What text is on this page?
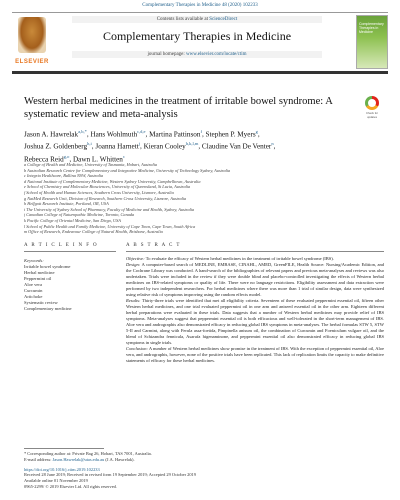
Complementary Therapies in Medicine 48 (2020) 102233
ELSEVIER
Contents lists available at ScienceDirect
Complementary Therapies in Medicine
journal homepage: www.elsevier.com/locate/ctim
Complementary Therapies in Medicine
Western herbal medicines in the treatment of irritable bowel syndrome: A
systematic review and meta-analysis	Check for updates
Jason A. Hawrelak$^{a,b,*}$, Hans Wohlmuth$^{c,d,e}$, Martina Pattinson$^f$, Stephen P. Myers$^g$,
Joshua Z. Goldenberg$^{h,i}$, Joanna Harnett$^j$, Kieran Cooley$^{h,k,l,m}$, Claudine Van De Venter$^n$,
Rebecca Reid$^{g,o}$, Dawn L. Whitten$^c$
a College of Health and Medicine, University of Tasmania, Hobart, Australia
b Australian Research Centre for Complementary and Integrative Medicine, University of Technology Sydney, Australia
c Integria Healthcare, Ballina NSW, Australia
d National Institute of Complementary Medicine, Western Sydney University, Campbelltown, Australia
e School of Chemistry and Molecular Biosciences, University of Queensland, St Lucia, Australia
f School of Health and Human Sciences, Southern Cross University, Lismore, Australia
g NatMed Research Unit, Division of Research, Southern Cross University, Lismore, Australia
h Helfgott Research Institute, Portland, OR, USA
i The University of Sydney School of Pharmacy, Faculty of Medicine and Health, Sydney, Australia
j Canadian College of Naturopathic Medicine, Toronto, Canada
k Pacific College of Oriental Medicine, San Diego, USA
l School of Public Health and Family Medicine, University of Cape Town, Cape Town, South Africa
m Office of Research, Endeavour College of Natural Health, Brisbane, Australia
A R T I C L E I N F O	A B S T R A C T
Keywords:
Irritable bowel syndrome
Herbal medicine
Peppermint oil
Aloe vera
Curcumin
Artichoke
Systematic review
Complementary medicine

Objective: To evaluate the efficacy of Western herbal medicines in the treatment of irritable bowel syndrome (IBS).

Design: A computer-based search of MEDLINE, EMBASE, CINAHL, AMED, GreenFILE, Health Source: Nursing/Academic Edition, and the Cochrane Library was conducted. A hand-search of the bibliographies of relevant papers and previous meta-analyses and reviews was also undertaken. Trials were included in the review if they were double blind and placebo-controlled investigating the effects of Western herbal medicines on IBS-related symptoms or quality of life. There were no language restrictions. Eligibility assessment and data extraction were performed by two independent researchers. For herbal medicines where there was more than 1 trial of similar design, data were synthesized using relative risk of symptoms improving using the random effects model.

Results: Thirty-three trials were identified that met all eligibility criteria. Seventeen of these evaluated peppermint essential oil, fifteen other Western herbal medicines, and one trial evaluated peppermint oil in one arm and aniseed essential oil in the other arm. Eighteen different herbal preparations were evaluated in these trials. Data suggests that a number of Western herbal medicines may provide relief of IBS symptoms. Meta-analyses suggest that peppermint essential oil is both efficacious and well-tolerated in the short-term management of IBS. Aloe vera and andrographis also demonstrated efficacy in reducing global IBS symptoms in meta-analyses. The herbal formulas STW 5, STW 5-II and Carmint, along with Ferula assa-foetida, Pimpinella anisum oil, the combination of Curcumin and Foeniculum vulgare oil, and the blend of Schizandra fennicula, Asarufa higenaminone, and peppermint essential oil also demonstrated efficacy in reducing global IBS symptoms in single trials.

Conclusion: A number of Western herbal medicines show promise in the treatment of IBS. With the exception of peppermint essential oil, Aloe vera, and andrographis, however, none of the positive trials have been replicated. This lack of replication limits the capacity to make definitive statements of efficacy for these herbal medicines.

* Corresponding author at: Private Bag 26, Hobart, TAS 7001, Australia.
E-mail address: Jason.Hawrelak@utas.edu.au (J.A. Hawrelak).
https://doi.org/10.1016/j.ctim.2019.102233
Received 28 June 2019; Received in revised form 19 September 2019; Accepted 29 October 2019
Available online 01 November 2019
0965-2299/ © 2019 Elsevier Ltd. All rights reserved.
